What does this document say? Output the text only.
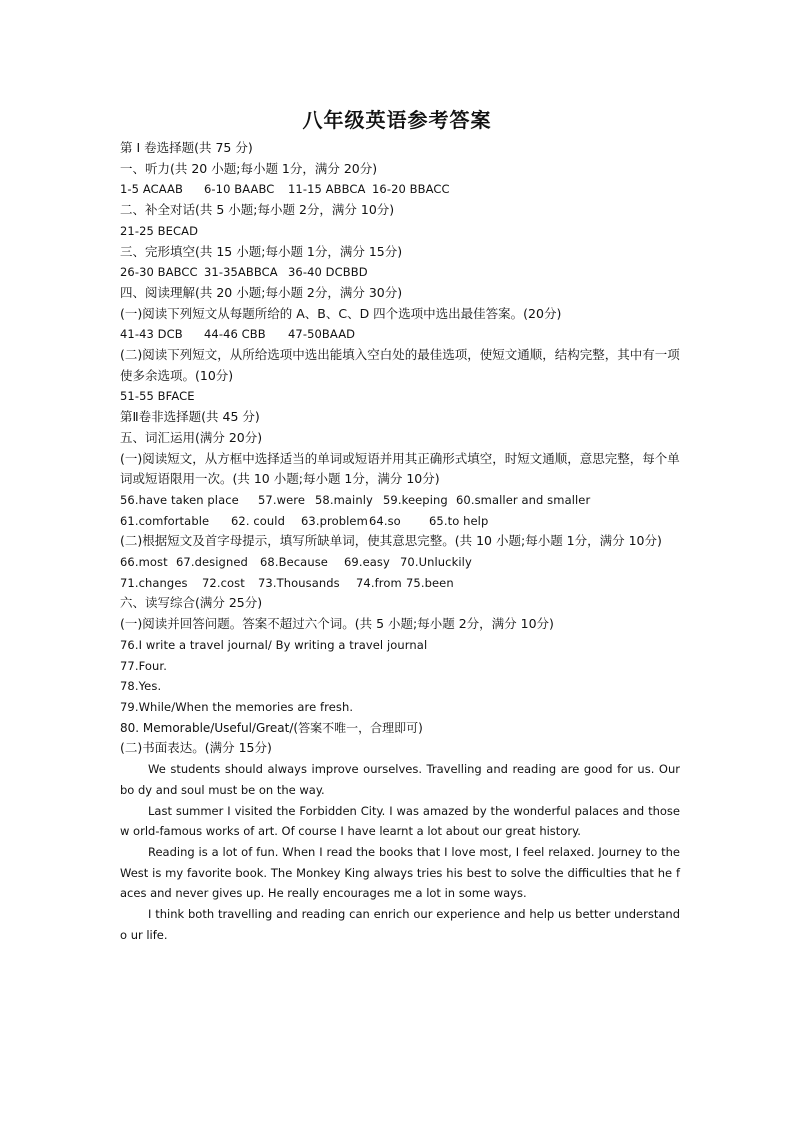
八年级英语参考答案
第 I 卷选择题(共 75 分)
一、听力(共 20 小题;每小题 1分，满分 20分)
1-5 ACAAB 6-10 BAABC 11-15 ABBCA 16-20 BBACC
二、补全对话(共 5 小题;每小题 2分，满分 10分)
21-25 BECAD
三、完形填空(共 15 小题;每小题 1分，满分 15分)
26-30 BABCC 31-35ABBCA 36-40 DCBBD
四、阅读理解(共 20 小题;每小题 2分，满分 30分)
(一)阅读下列短文从每题所给的 A、B、C、D 四个选项中选出最佳答案。(20分)
41-43 DCB 44-46 CBB 47-50BAAD
(二)阅读下列短文，从所给选项中选出能填入空白处的最佳选项，使短文通顺，结构完整，其中有一项使多余选项。(10分)
51-55 BFACE
第Ⅱ卷非选择题(共 45 分)
五、词汇运用(满分 20分)
(一)阅读短文，从方框中选择适当的单词或短语并用其正确形式填空，时短文通顺，意思完整，每个单词或短语限用一次。(共 10 小题;每小题 1分，满分 10分)
56.have taken place 57.were 58.mainly 59.keeping 60.smaller and smaller
61.comfortable 62. could 63.problem64.so 65.to help
(二)根据短文及首字母提示，填写所缺单词，使其意思完整。(共 10 小题;每小题 1分，满分 10分)
66.most 67.designed 68.Because 69.easy 70.Unluckily
71.changes 72.cost 73.Thousands 74.from 75.been
六、读写综合(满分 25分)
(一)阅读并回答问题。答案不超过六个词。(共 5 小题;每小题 2分，满分 10分)
76.I write a travel journal/ By writing a travel journal
77.Four.
78.Yes.
79.While/When the memories are fresh.
80. Memorable/Useful/Great/(答案不唯一，合理即可)
(二)书面表达。(满分 15分)

We students should always improve ourselves. Travelling and reading are good for us. Our bo dy and soul must be on the way.

Last summer I visited the Forbidden City. I was amazed by the wonderful palaces and those w orld-famous works of art. Of course I have learnt a lot about our great history.

Reading is a lot of fun. When I read the books that I love most, I feel relaxed. Journey to the West is my favorite book. The Monkey King always tries his best to solve the difficulties that he f aces and never gives up. He really encourages me a lot in some ways.

I think both travelling and reading can enrich our experience and help us better understand o ur life.
